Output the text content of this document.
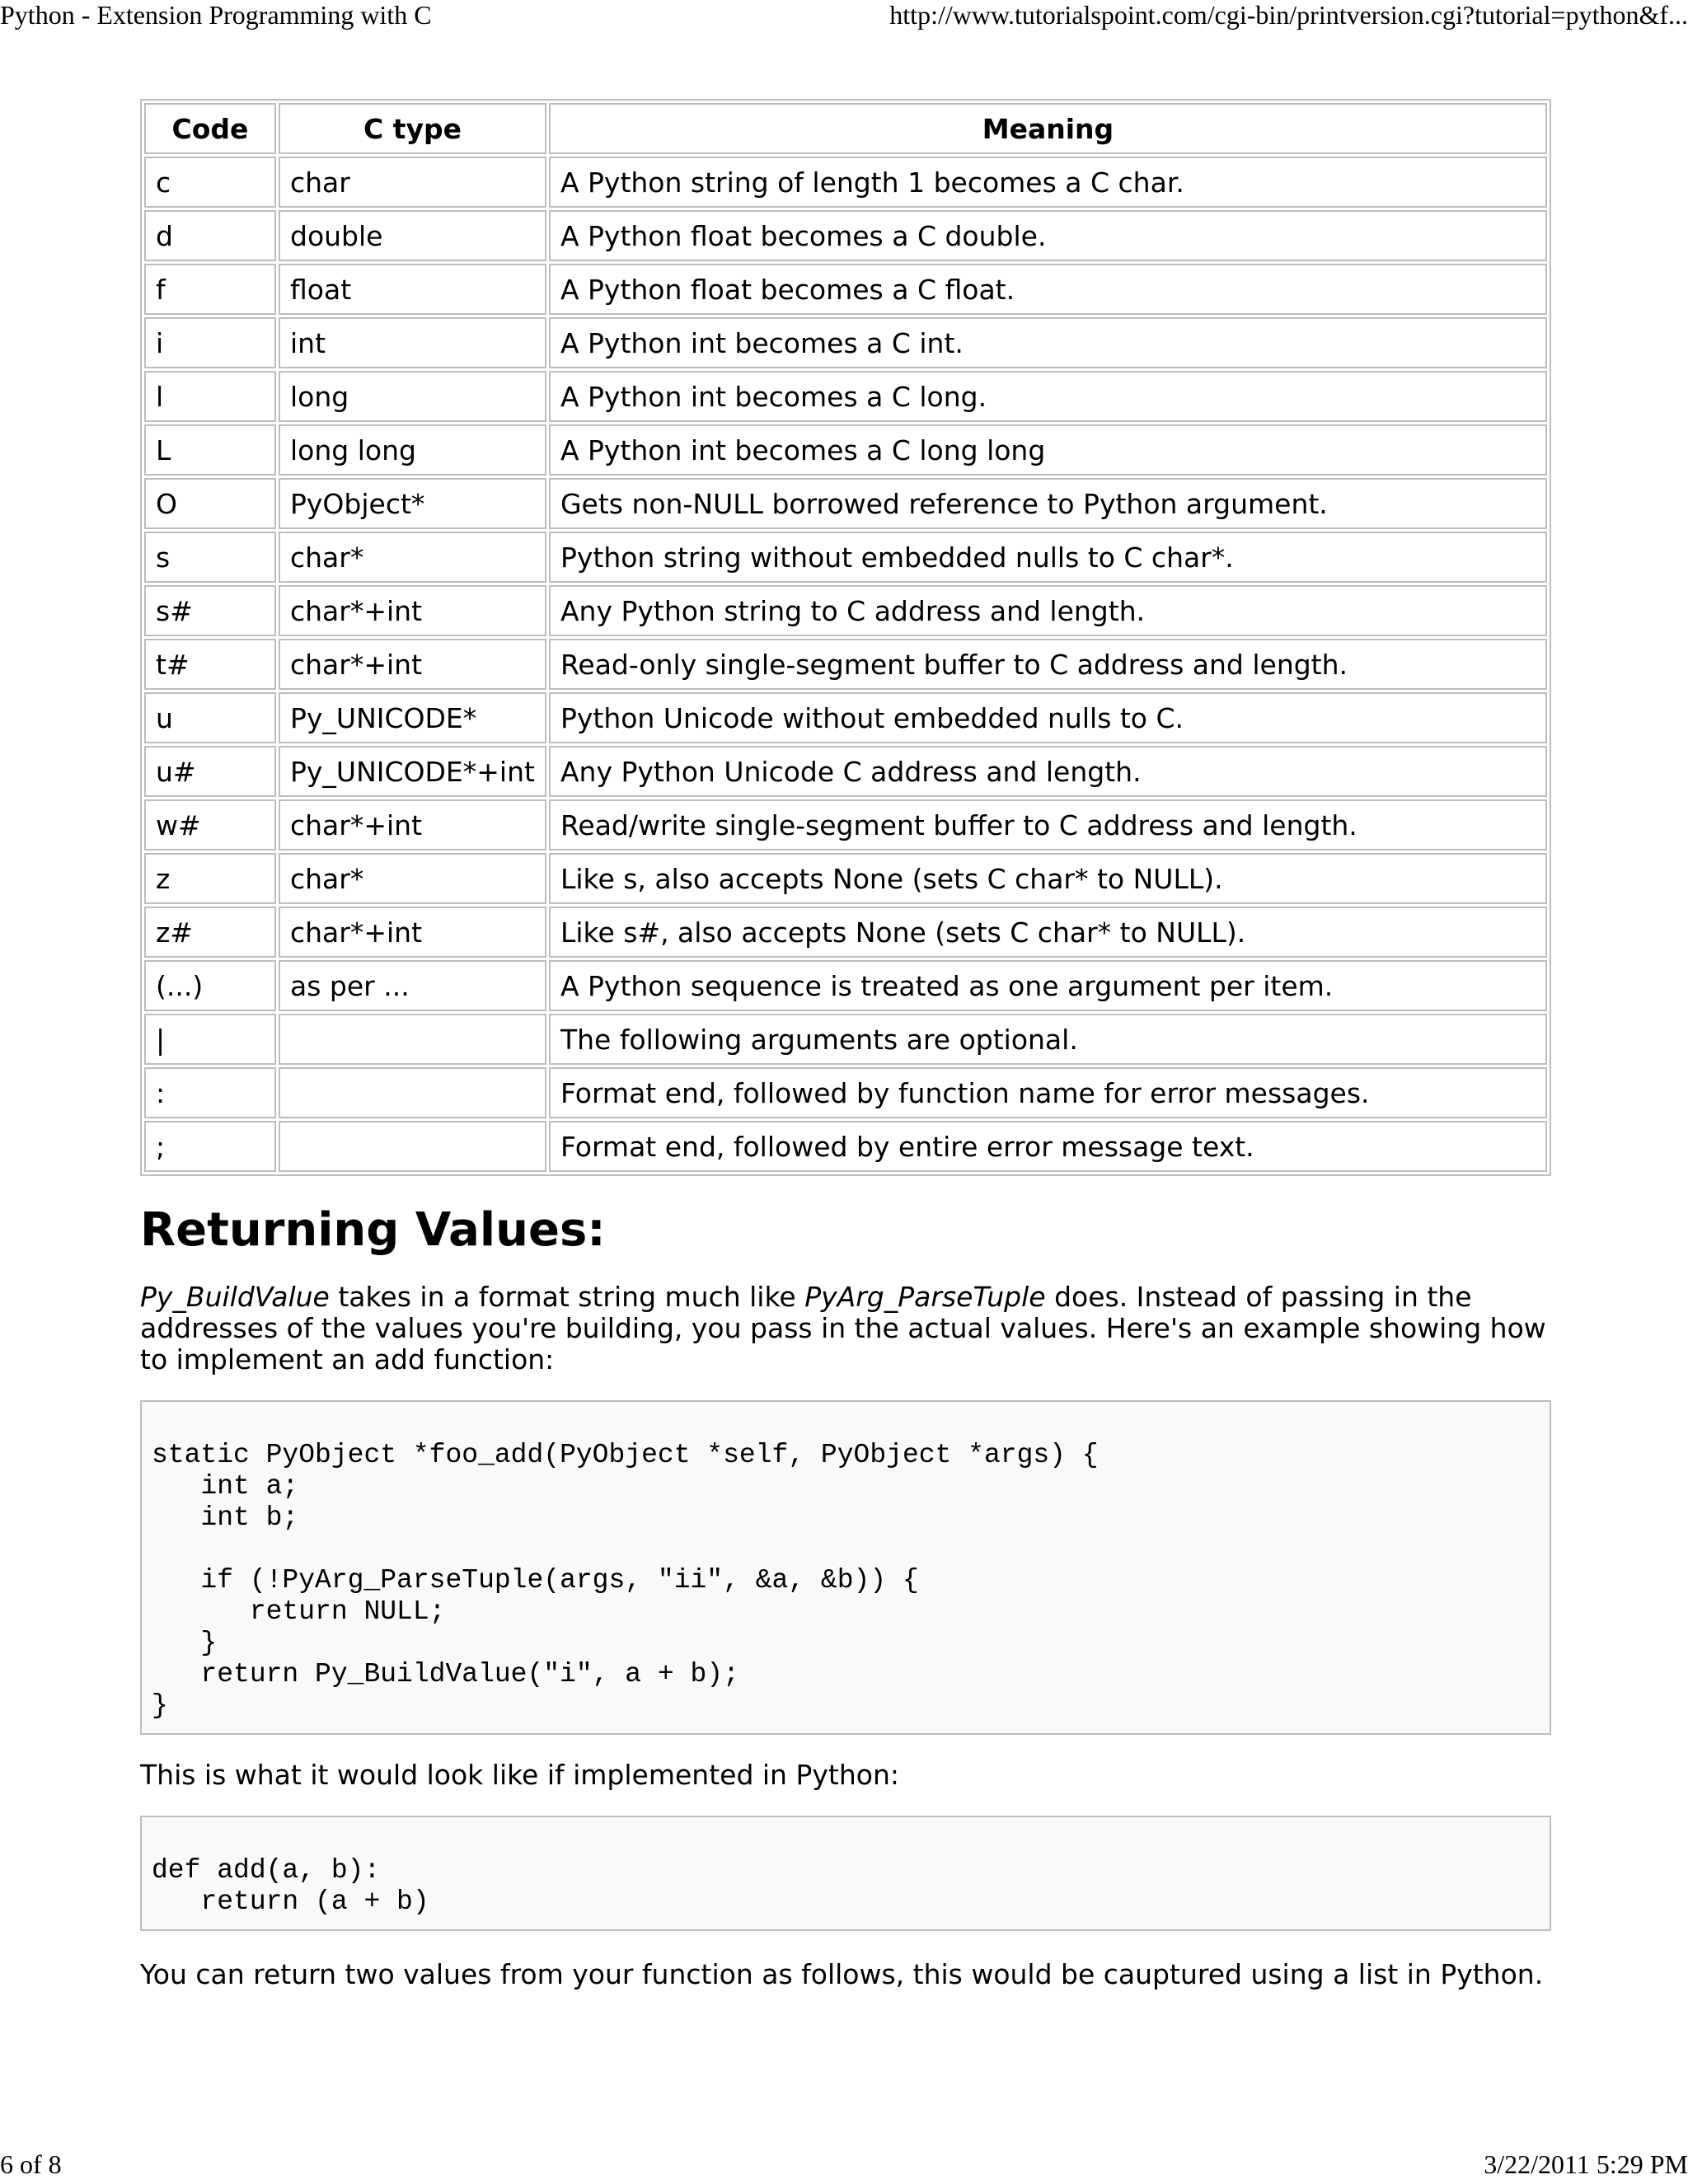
Python - Extension Programming with C	http://www.tutorialspoint.com/cgi-bin/printversion.cgi?tutorial=python&f...
Code	C type	Meaning
c	char	A Python string of length 1 becomes a C char.
d	double	A Python float becomes a C double.
f	float	A Python float becomes a C float.
i	int	A Python int becomes a C int.
l	long	A Python int becomes a C long.
L	long long	A Python int becomes a C long long
O	PyObject*	Gets non-NULL borrowed reference to Python argument.
s	char*	Python string without embedded nulls to C char*.
s#	char*+int	Any Python string to C address and length.
t#	char*+int	Read-only single-segment buffer to C address and length.
u	Py_UNICODE*	Python Unicode without embedded nulls to C.
u#	Py_UNICODE*+int	Any Python Unicode C address and length.
w#	char*+int	Read/write single-segment buffer to C address and length.
z	char*	Like s, also accepts None (sets C char* to NULL).
z#	char*+int	Like s#, also accepts None (sets C char* to NULL).
(...)	as per ...	A Python sequence is treated as one argument per item.
|		The following arguments are optional.
:		Format end, followed by function name for error messages.
;		Format end, followed by entire error message text.
Returning Values:

Py_BuildValue takes in a format string much like PyArg_ParseTuple does. Instead of passing in the addresses of the values you're building, you pass in the actual values. Here's an example showing how to implement an add function:

static PyObject *foo_add(PyObject *self, PyObject *args) {
int a;
int b;

if (!PyArg_ParseTuple(args, "ii", &a, &b)) {
return NULL;
}
return Py_BuildValue("i", a + b);
}

This is what it would look like if implemented in Python:

def add(a, b):
return (a + b)

You can return two values from your function as follows, this would be cauptured using a list in Python.

6 of 8	3/22/2011 5:29 PM
